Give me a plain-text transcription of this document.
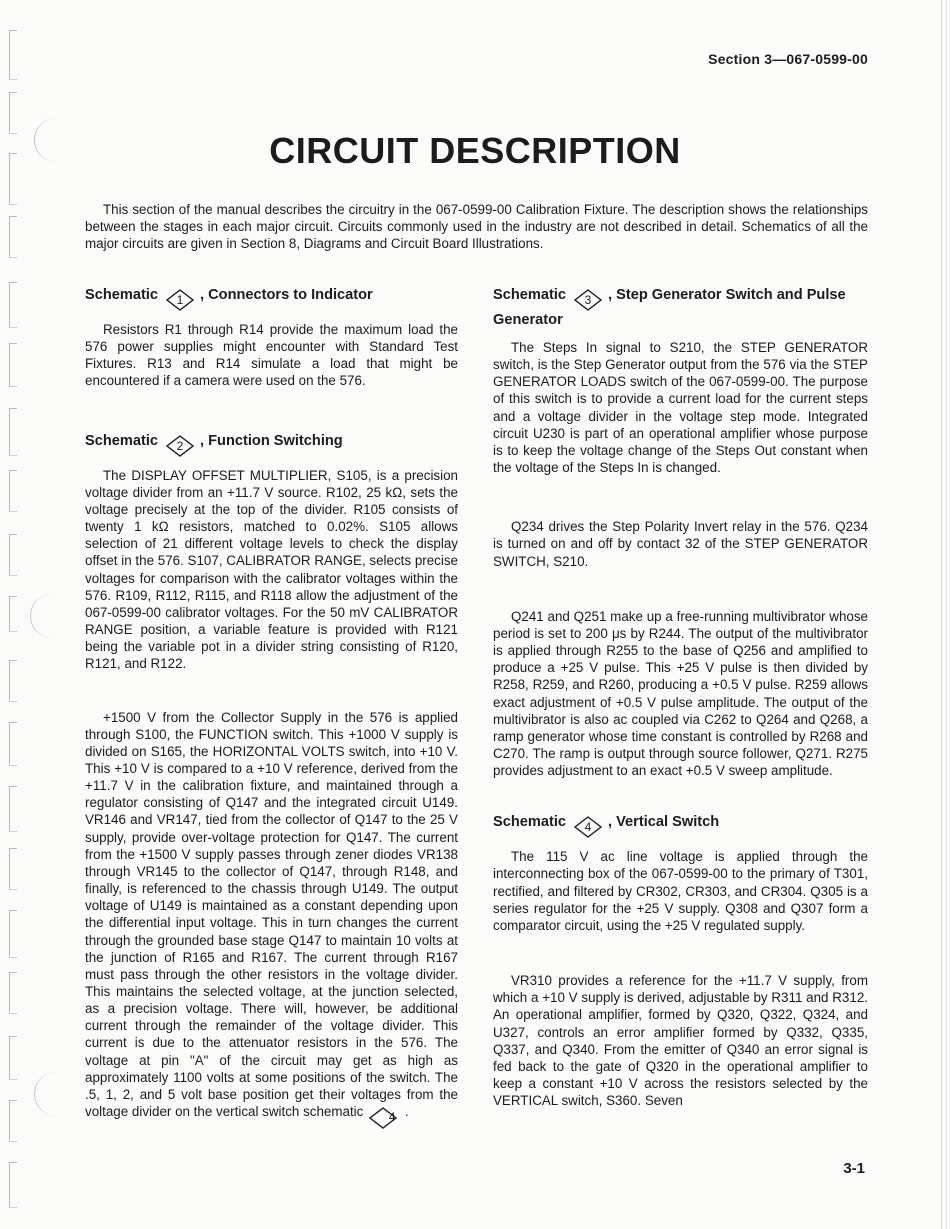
Section 3—067-0599-00
CIRCUIT DESCRIPTION

This section of the manual describes the circuitry in the 067-0599-00 Calibration Fixture. The description shows the relationships between the stages in each major circuit. Circuits commonly used in the industry are not described in detail. Schematics of all the major circuits are given in Section 8, Diagrams and Circuit Board Illustrations.

Schematic 1 , Connectors to Indicator

Resistors R1 through R14 provide the maximum load the 576 power supplies might encounter with Standard Test Fixtures. R13 and R14 simulate a load that might be encountered if a camera were used on the 576.

Schematic 2 , Function Switching

The DISPLAY OFFSET MULTIPLIER, S105, is a precision voltage divider from an +11.7 V source. R102, 25 kΩ, sets the voltage precisely at the top of the divider. R105 consists of twenty 1 kΩ resistors, matched to 0.02%. S105 allows selection of 21 different voltage levels to check the display offset in the 576. S107, CALIBRATOR RANGE, selects precise voltages for comparison with the calibrator voltages within the 576. R109, R112, R115, and R118 allow the adjustment of the 067-0599-00 calibrator voltages. For the 50 mV CALIBRATOR RANGE position, a variable feature is provided with R121 being the variable pot in a divider string consisting of R120, R121, and R122.

+1500 V from the Collector Supply in the 576 is applied through S100, the FUNCTION switch. This +1000 V supply is divided on S165, the HORIZONTAL VOLTS switch, into +10 V. This +10 V is compared to a +10 V reference, derived from the +11.7 V in the calibration fixture, and maintained through a regulator consisting of Q147 and the integrated circuit U149. VR146 and VR147, tied from the collector of Q147 to the 25 V supply, provide over-voltage protection for Q147. The current from the +1500 V supply passes through zener diodes VR138 through VR145 to the collector of Q147, through R148, and finally, is referenced to the chassis through U149. The output voltage of U149 is maintained as a constant depending upon the differential input voltage. This in turn changes the current through the grounded base stage Q147 to maintain 10 volts at the junction of R165 and R167. The current through R167 must pass through the other resistors in the voltage divider. This maintains the selected voltage, at the junction selected, as a precision voltage. There will, however, be additional current through the remainder of the voltage divider. This current is due to the attenuator resistors in the 576. The voltage at pin "A" of the circuit may get as high as approximately 1100 volts at some positions of the switch. The .5, 1, 2, and 5 volt base position get their voltages from the voltage divider on the vertical switch schematic	4 .

Schematic 3 , Step Generator Switch and Pulse Generator

The Steps In signal to S210, the STEP GENERATOR switch, is the Step Generator output from the 576 via the STEP GENERATOR LOADS switch of the 067-0599-00. The purpose of this switch is to provide a current load for the current steps and a voltage divider in the voltage step mode. Integrated circuit U230 is part of an operational amplifier whose purpose is to keep the voltage change of the Steps Out constant when the voltage of the Steps In is changed.

Q234 drives the Step Polarity Invert relay in the 576. Q234 is turned on and off by contact 32 of the STEP GENERATOR SWITCH, S210.

Q241 and Q251 make up a free-running multivibrator whose period is set to 200 μs by R244. The output of the multivibrator is applied through R255 to the base of Q256 and amplified to produce a +25 V pulse. This +25 V pulse is then divided by R258, R259, and R260, producing a +0.5 V pulse. R259 allows exact adjustment of +0.5 V pulse amplitude. The output of the multivibrator is also ac coupled via C262 to Q264 and Q268, a ramp generator whose time constant is controlled by R268 and C270. The ramp is output through source follower, Q271. R275 provides adjustment to an exact +0.5 V sweep amplitude.

Schematic 4 , Vertical Switch

The 115 V ac line voltage is applied through the interconnecting box of the 067-0599-00 to the primary of T301, rectified, and filtered by CR302, CR303, and CR304. Q305 is a series regulator for the +25 V supply. Q308 and Q307 form a comparator circuit, using the +25 V regulated supply.

VR310 provides a reference for the +11.7 V supply, from which a +10 V supply is derived, adjustable by R311 and R312. An operational amplifier, formed by Q320, Q322, Q324, and U327, controls an error amplifier formed by Q332, Q335, Q337, and Q340. From the emitter of Q340 an error signal is fed back to the gate of Q320 in the operational amplifier to keep a constant +10 V across the resistors selected by the VERTICAL switch, S360. Seven

3-1
